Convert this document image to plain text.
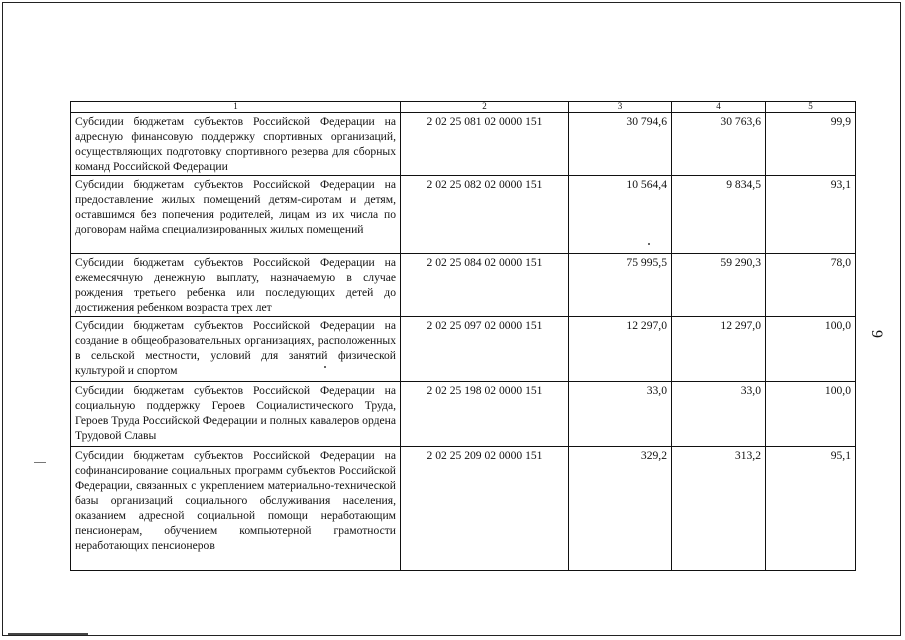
1	2	3	4	5
Субсидии бюджетам субъектов Российской Федерации на адресную финансовую поддержку спортивных организаций, осуществляющих подготовку спортивного резерва для сборных команд Российской Федерации	2 02 25 081 02 0000 151	30 794,6	30 763,6	99,9
Субсидии бюджетам субъектов Российской Федерации на предоставление жилых помещений детям-сиротам и детям, оставшимся без попечения родителей, лицам из их числа по договорам найма специализированных жилых помещений	2 02 25 082 02 0000 151	10 564,4	9 834,5	93,1
Субсидии бюджетам субъектов Российской Федерации на ежемесячную денежную выплату, назначаемую в случае рождения третьего ребенка или последующих детей до достижения ребенком возраста трех лет	2 02 25 084 02 0000 151	75 995,5	59 290,3	78,0
Субсидии бюджетам субъектов Российской Федерации на создание в общеобразовательных организациях, расположенных в сельской местности, условий для занятий физической культурой и спортом	2 02 25 097 02 0000 151	12 297,0	12 297,0	100,0
Субсидии бюджетам субъектов Российской Федерации на социальную поддержку Героев Социалистического Труда, Героев Труда Российской Федерации и полных кавалеров ордена Трудовой Славы	2 02 25 198 02 0000 151	33,0	33,0	100,0
Субсидии бюджетам субъектов Российской Федерации на софинансирование социальных программ субъектов Российской Федерации, связанных с укреплением материально-технической базы организаций социального обслуживания населения, оказанием адресной социальной помощи неработающим пенсионерам, обучением компьютерной грамотности неработающих пенсионеров	2 02 25 209 02 0000 151	329,2	313,2	95,1
9
